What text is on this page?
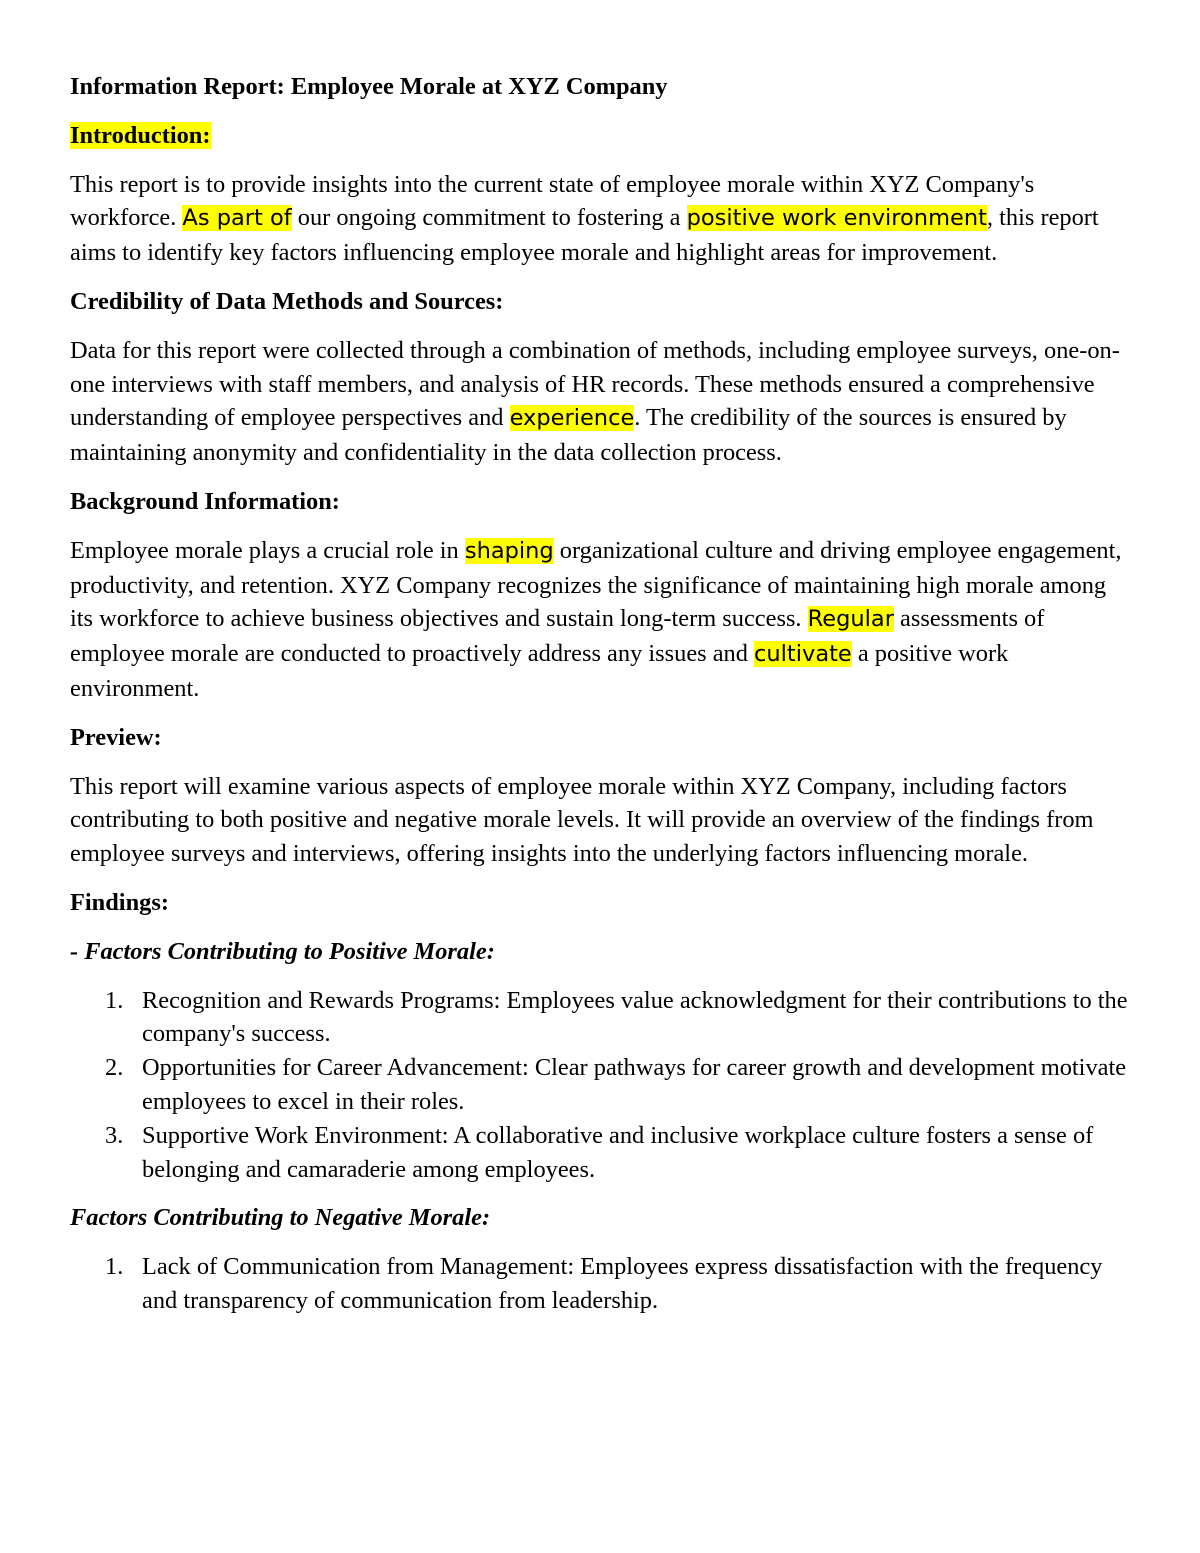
Information Report: Employee Morale at XYZ Company

Introduction:

This report is to provide insights into the current state of employee morale within XYZ Company's workforce. As part of our ongoing commitment to fostering a positive work environment, this report aims to identify key factors influencing employee morale and highlight areas for improvement.

Credibility of Data Methods and Sources:

Data for this report were collected through a combination of methods, including employee surveys, one-on-one interviews with staff members, and analysis of HR records. These methods ensured a comprehensive understanding of employee perspectives and experience. The credibility of the sources is ensured by maintaining anonymity and confidentiality in the data collection process.

Background Information:

Employee morale plays a crucial role in shaping organizational culture and driving employee engagement, productivity, and retention. XYZ Company recognizes the significance of maintaining high morale among its workforce to achieve business objectives and sustain long-term success. Regular assessments of employee morale are conducted to proactively address any issues and cultivate a positive work environment.

Preview:

This report will examine various aspects of employee morale within XYZ Company, including factors contributing to both positive and negative morale levels. It will provide an overview of the findings from employee surveys and interviews, offering insights into the underlying factors influencing morale.

Findings:

- Factors Contributing to Positive Morale:

1. Recognition and Rewards Programs: Employees value acknowledgment for their contributions to the company's success.
2. Opportunities for Career Advancement: Clear pathways for career growth and development motivate employees to excel in their roles.
3. Supportive Work Environment: A collaborative and inclusive workplace culture fosters a sense of belonging and camaraderie among employees.

Factors Contributing to Negative Morale:

1. Lack of Communication from Management: Employees express dissatisfaction with the frequency and transparency of communication from leadership.
